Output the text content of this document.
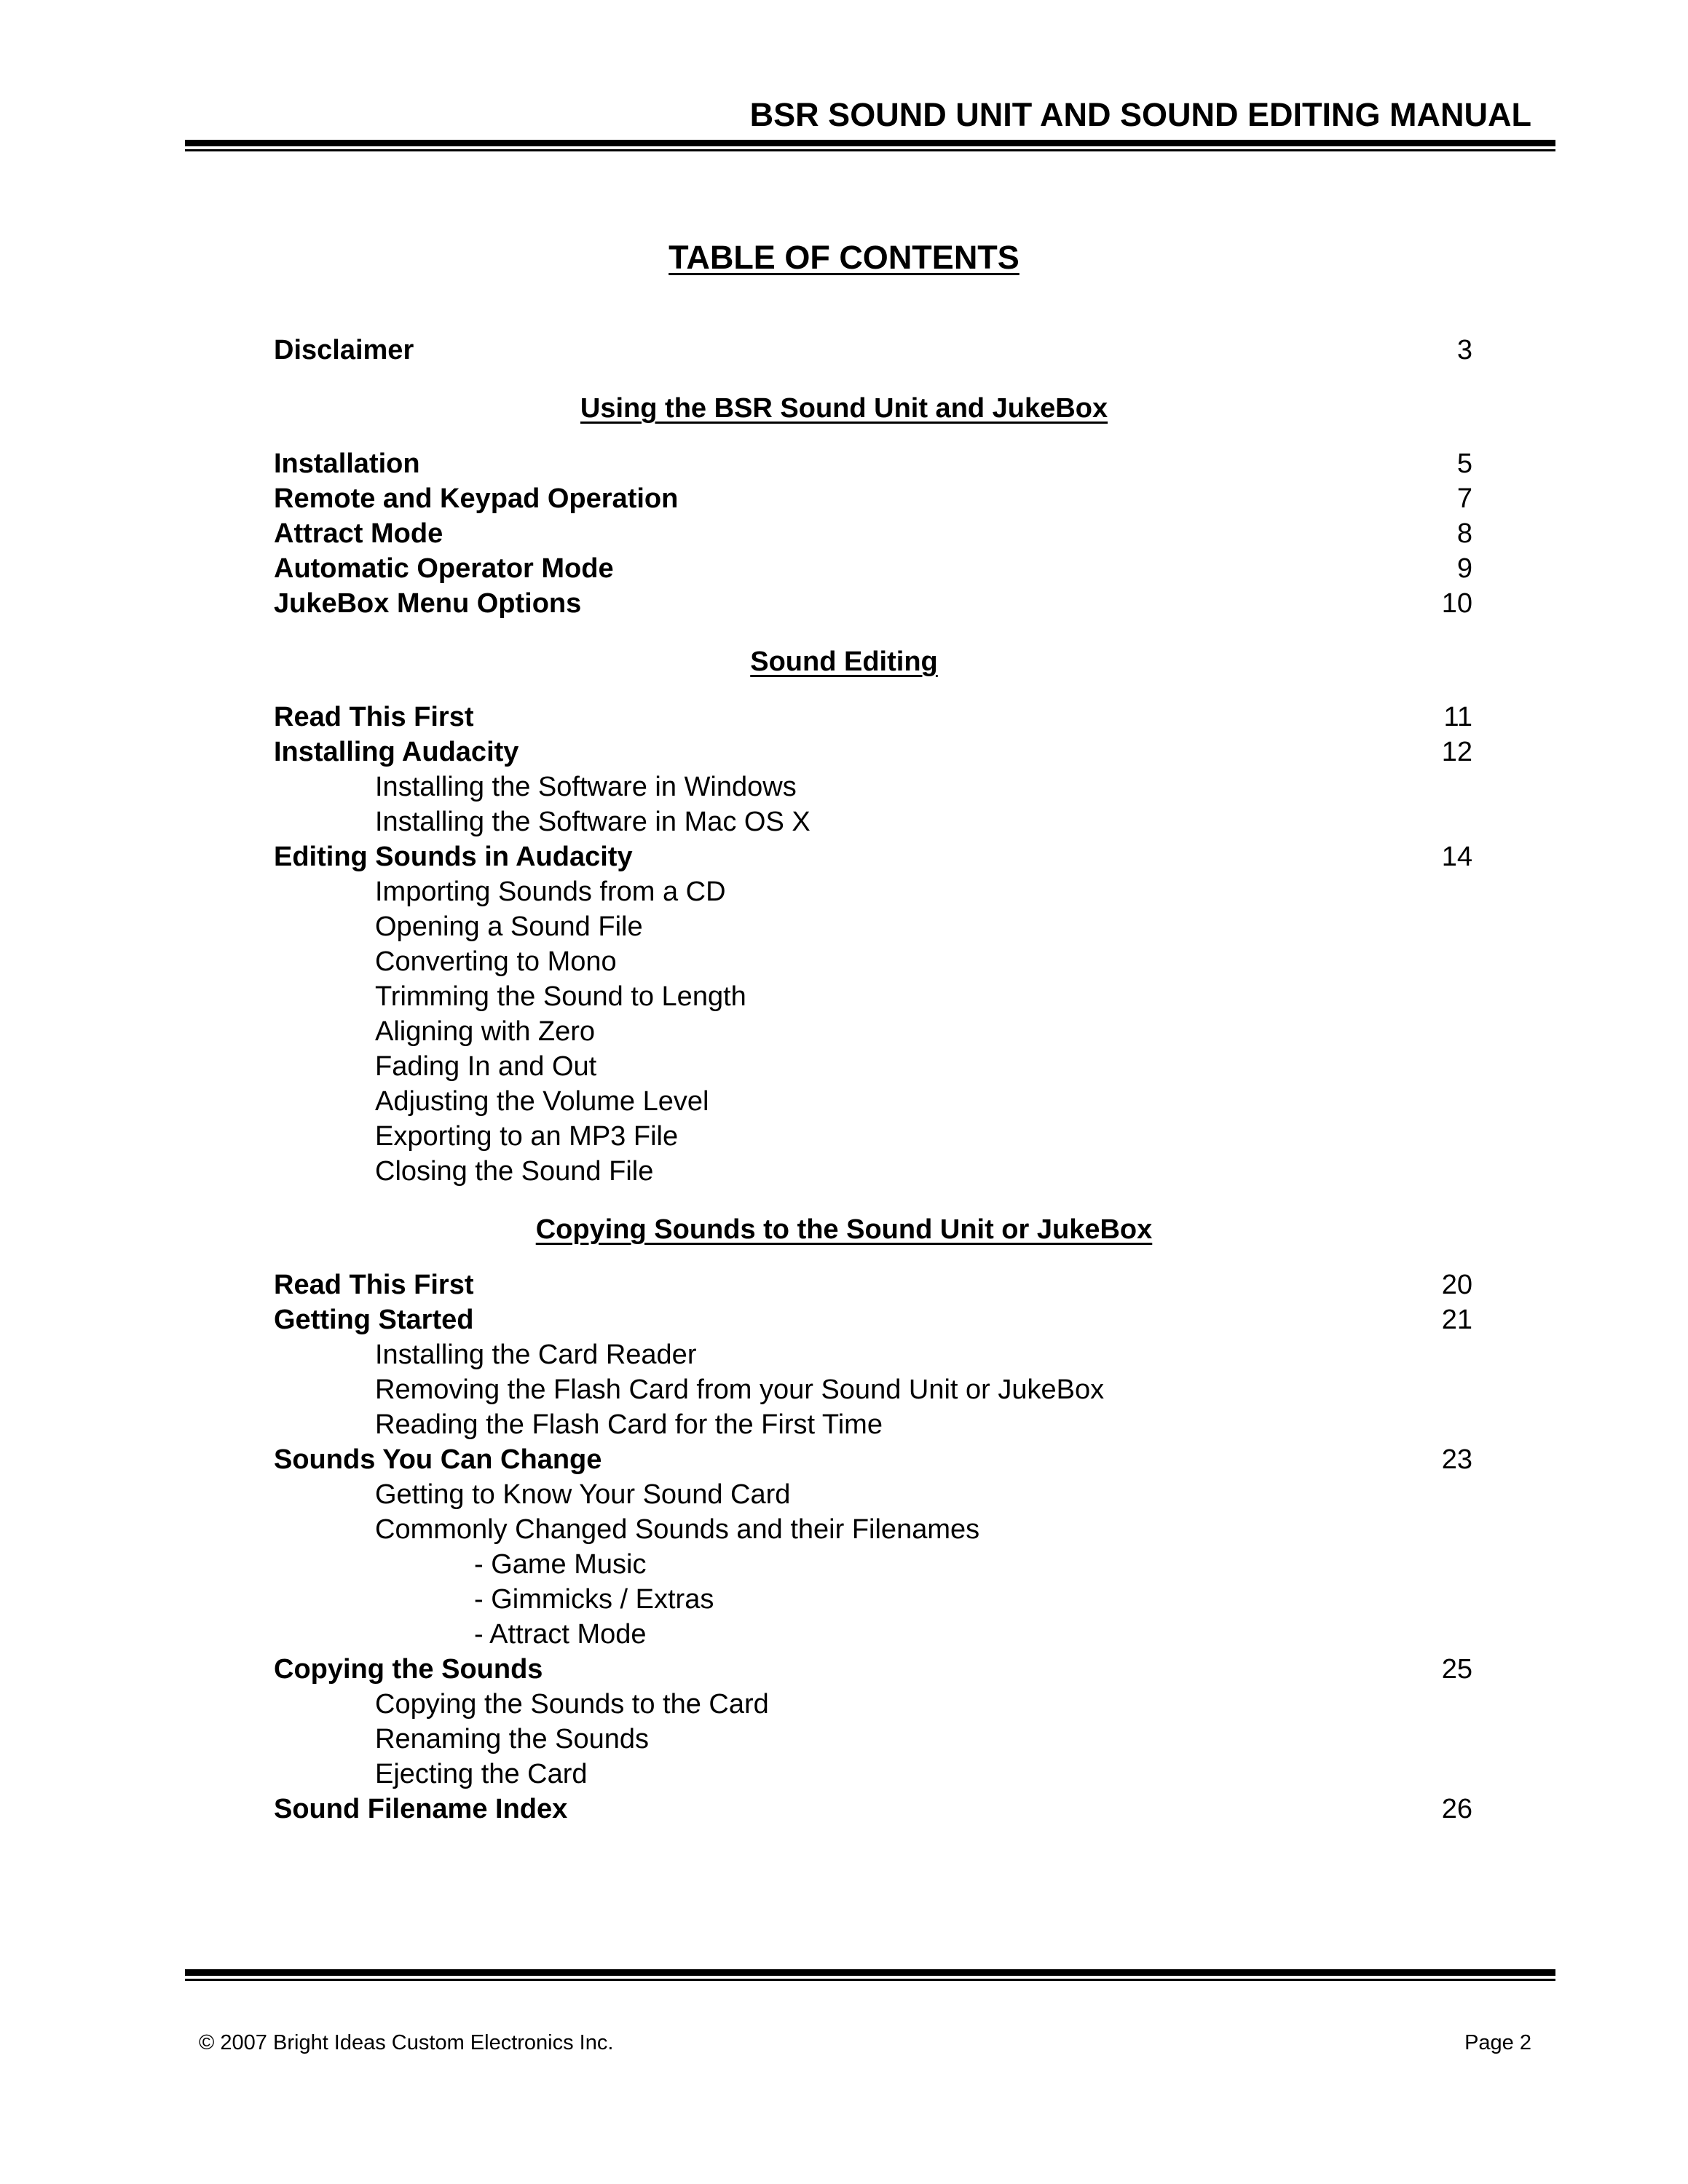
BSR SOUND UNIT AND SOUND EDITING MANUAL
TABLE OF CONTENTS
Disclaimer	3
Using the BSR Sound Unit and JukeBox
Installation	5
Remote and Keypad Operation	7
Attract Mode	8
Automatic Operator Mode	9
JukeBox Menu Options	10
Sound Editing
Read This First	11
Installing Audacity	12
Installing the Software in Windows
Installing the Software in Mac OS X
Editing Sounds in Audacity	14
Importing Sounds from a CD
Opening a Sound File
Converting to Mono
Trimming the Sound to Length
Aligning with Zero
Fading In and Out
Adjusting the Volume Level
Exporting to an MP3 File
Closing the Sound File
Copying Sounds to the Sound Unit or JukeBox
Read This First	20
Getting Started	21
Installing the Card Reader
Removing the Flash Card from your Sound Unit or JukeBox
Reading the Flash Card for the First Time
Sounds You Can Change	23
Getting to Know Your Sound Card
Commonly Changed Sounds and their Filenames
- Game Music
- Gimmicks / Extras
- Attract Mode
Copying the Sounds	25
Copying the Sounds to the Card
Renaming the Sounds
Ejecting the Card
Sound Filename Index	26
© 2007 Bright Ideas Custom Electronics Inc.	Page 2
